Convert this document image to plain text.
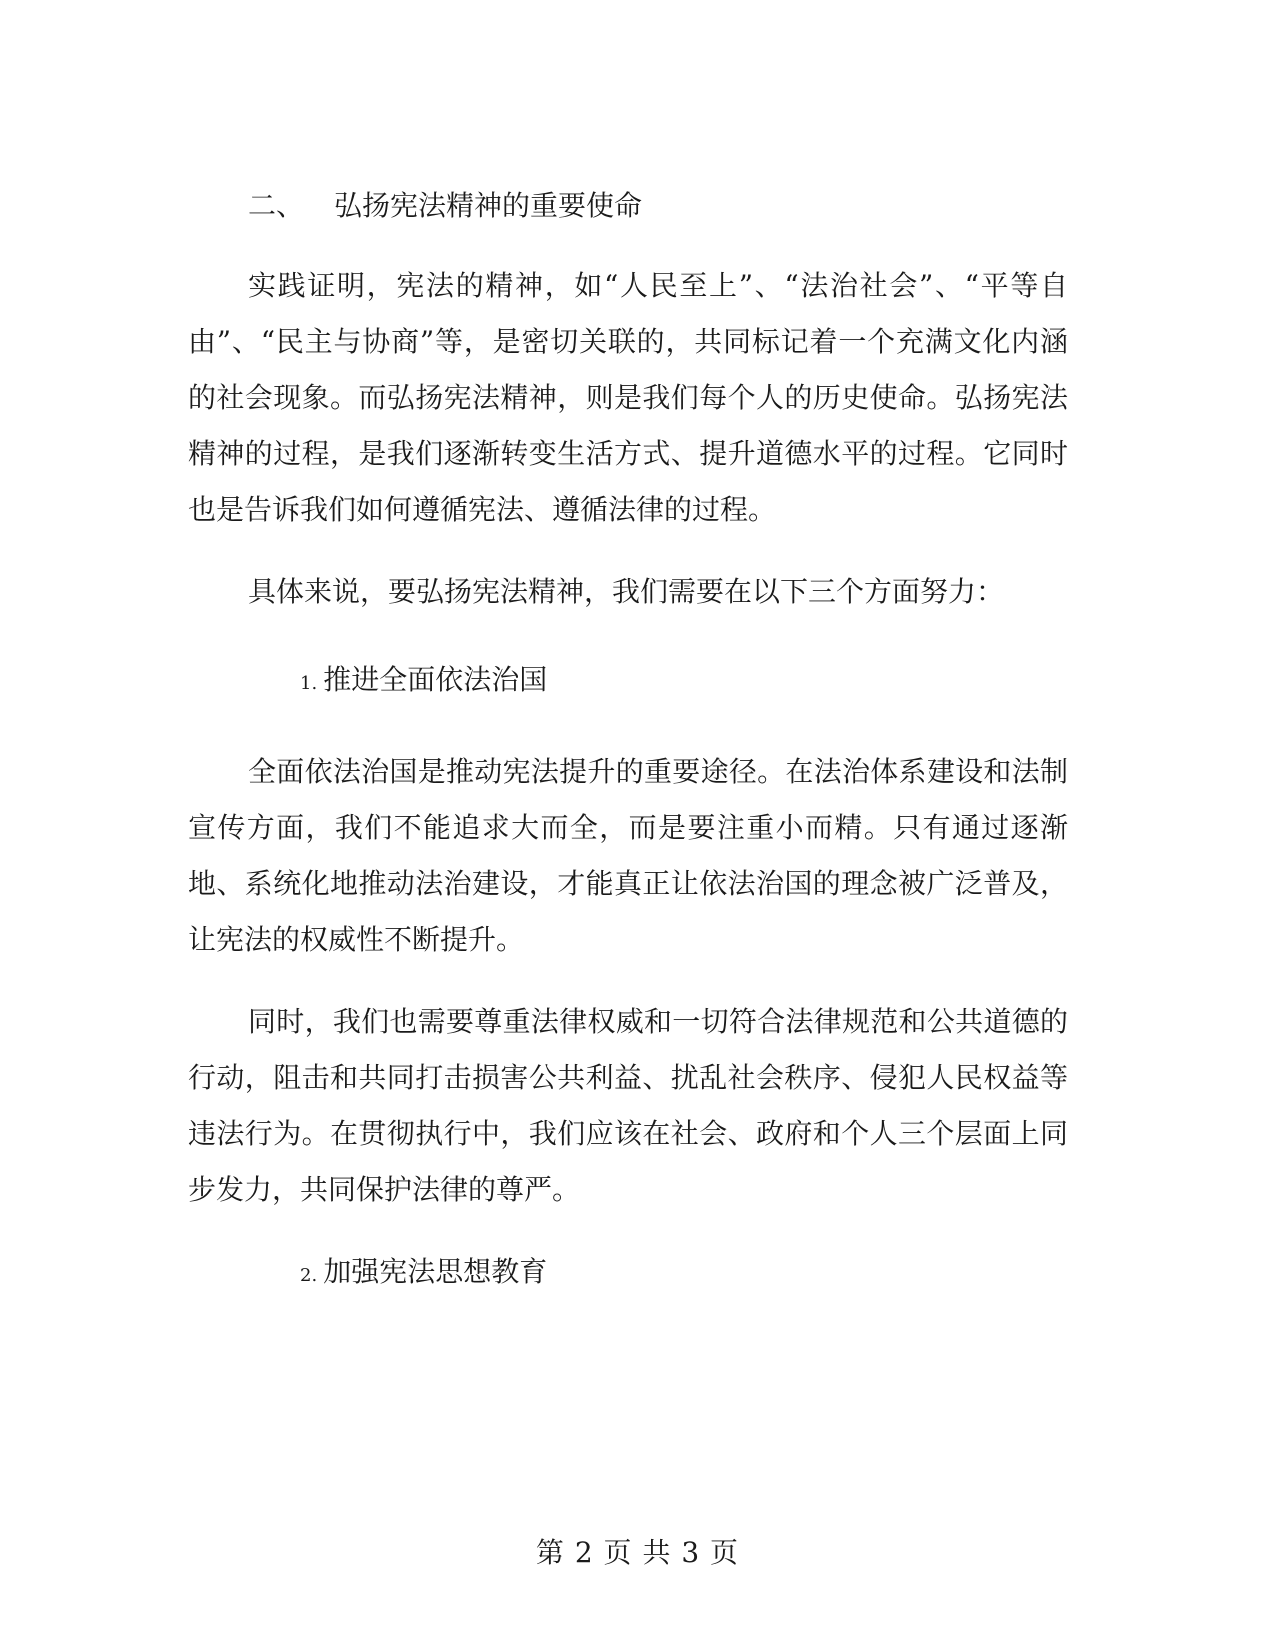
二、 弘扬宪法精神的重要使命

实践证明，宪法的精神，如“人民至上”、“法治社会”、“平等自由”、“民主与协商”等，是密切关联的，共同标记着一个充满文化内涵的社会现象。而弘扬宪法精神，则是我们每个人的历史使命。弘扬宪法精神的过程，是我们逐渐转变生活方式、提升道德水平的过程。它同时也是告诉我们如何遵循宪法、遵循法律的过程。

具体来说，要弘扬宪法精神，我们需要在以下三个方面努力：

1. 推进全面依法治国

全面依法治国是推动宪法提升的重要途径。在法治体系建设和法制宣传方面，我们不能追求大而全，而是要注重小而精。只有通过逐渐地、系统化地推动法治建设，才能真正让依法治国的理念被广泛普及，让宪法的权威性不断提升。

同时，我们也需要尊重法律权威和一切符合法律规范和公共道德的行动，阻击和共同打击损害公共利益、扰乱社会秩序、侵犯人民权益等违法行为。在贯彻执行中，我们应该在社会、政府和个人三个层面上同步发力，共同保护法律的尊严。

2. 加强宪法思想教育
第 2 页 共 3 页
